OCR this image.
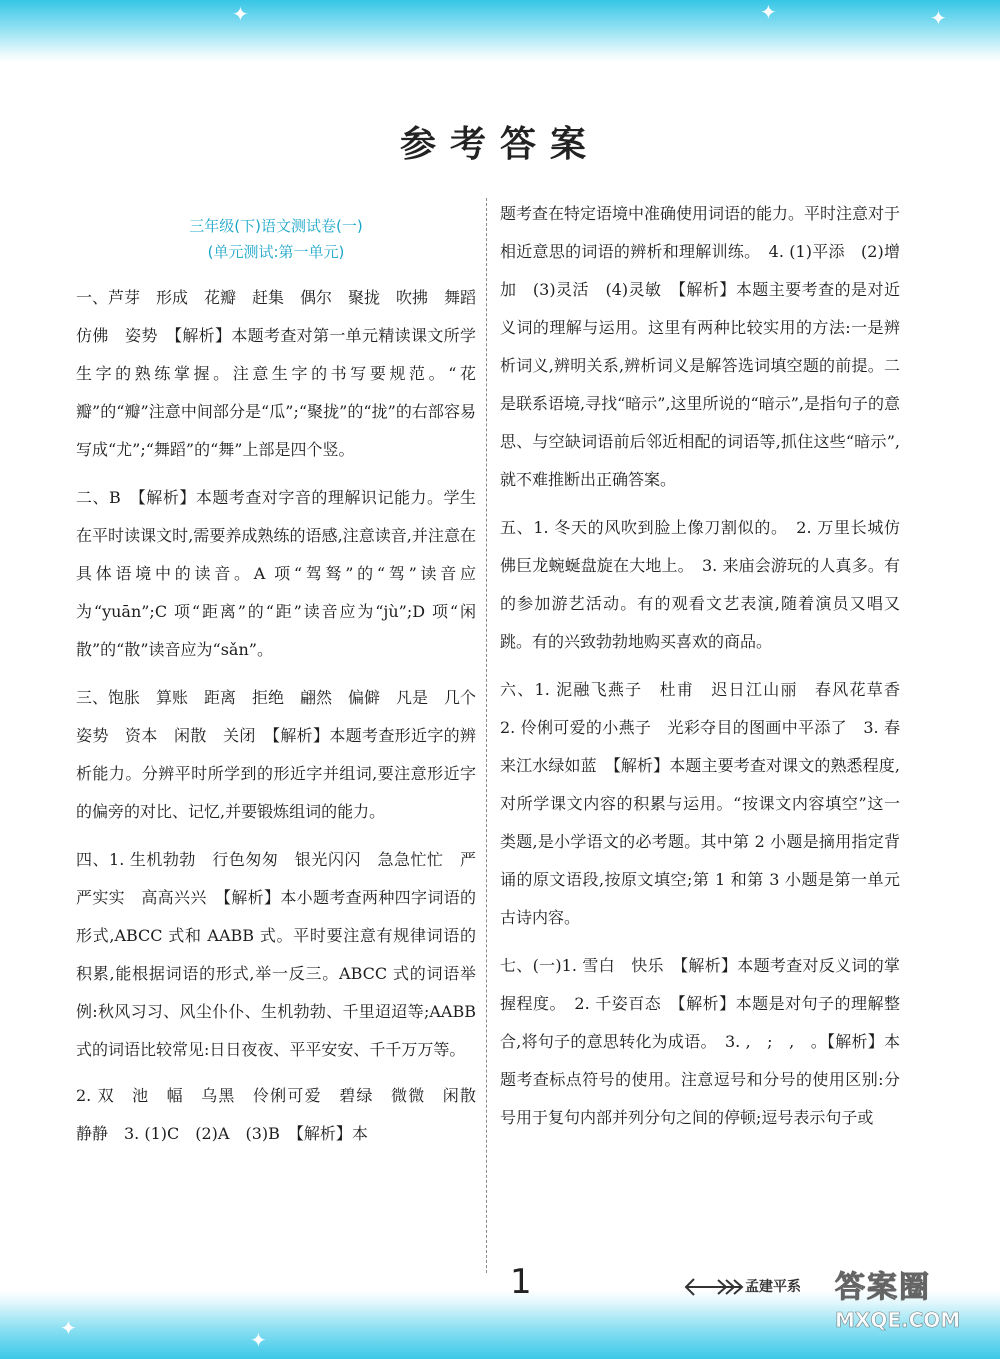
✦	✦	✦
参考答案
三年级(下)语文测试卷(一)
(单元测试:第一单元)

一、芦芽　形成　花瓣　赶集　偶尔　聚拢　吹拂　舞蹈　仿佛　姿势　【解析】本题考查对第一单元精读课文所学生字的熟练掌握。注意生字的书写要规范。“花瓣”的“瓣”注意中间部分是“瓜”;“聚拢”的“拢”的右部容易写成“尤”;“舞蹈”的“舞”上部是四个竖。

二、B　【解析】本题考查对字音的理解识记能力。学生在平时读课文时,需要养成熟练的语感,注意读音,并注意在具体语境中的读音。A 项“驾驽”的“驾”读音应为“yuān”;C 项“距离”的“距”读音应为“jù”;D 项“闲散”的“散”读音应为“sǎn”。

三、饱胀　算账　距离　拒绝　翩然　偏僻　凡是　几个　姿势　资本　闲散　关闭　【解析】本题考查形近字的辨析能力。分辨平时所学到的形近字并组词,要注意形近字的偏旁的对比、记忆,并要锻炼组词的能力。

四、1. 生机勃勃　行色匆匆　银光闪闪　急急忙忙　严严实实　高高兴兴　【解析】本小题考查两种四字词语的形式,ABCC 式和 AABB 式。平时要注意有规律词语的积累,能根据词语的形式,举一反三。ABCC 式的词语举例:秋风习习、风尘仆仆、生机勃勃、千里迢迢等;AABB 式的词语比较常见:日日夜夜、平平安安、千千万万等。

2. 双　池　幅　乌黑　伶俐可爱　碧绿　微微　闲散　静静　3. (1)C　(2)A　(3)B　【解析】本

题考查在特定语境中准确使用词语的能力。平时注意对于相近意思的词语的辨析和理解训练。　4. (1)平添　(2)增加　(3)灵活　(4)灵敏　【解析】本题主要考查的是对近义词的理解与运用。这里有两种比较实用的方法:一是辨析词义,辨明关系,辨析词义是解答选词填空题的前提。二是联系语境,寻找“暗示”,这里所说的“暗示”,是指句子的意思、与空缺词语前后邻近相配的词语等,抓住这些“暗示”,就不难推断出正确答案。

五、1. 冬天的风吹到脸上像刀割似的。　2. 万里长城仿佛巨龙蜿蜒盘旋在大地上。　3. 来庙会游玩的人真多。有的参加游艺活动。有的观看文艺表演,随着演员又唱又跳。有的兴致勃勃地购买喜欢的商品。

六、1. 泥融飞燕子　杜甫　迟日江山丽　春风花草香　2. 伶俐可爱的小燕子　光彩夺目的图画中平添了　3. 春来江水绿如蓝　【解析】本题主要考查对课文的熟悉程度,对所学课文内容的积累与运用。“按课文内容填空”这一类题,是小学语文的必考题。其中第 2 小题是摘用指定背诵的原文语段,按原文填空;第 1 和第 3 小题是第一单元古诗内容。

七、(一)1. 雪白　快乐　【解析】本题考查对反义词的掌握程度。　2. 千姿百态　【解析】本题是对句子的理解整合,将句子的意思转化为成语。　3. ,　;　,　。【解析】本题考查标点符号的使用。注意逗号和分号的使用区别:分号用于复句内部并列分句之间的停顿;逗号表示句子或

✦	✦
1	孟建平系 答案圈
MXQE.COM
